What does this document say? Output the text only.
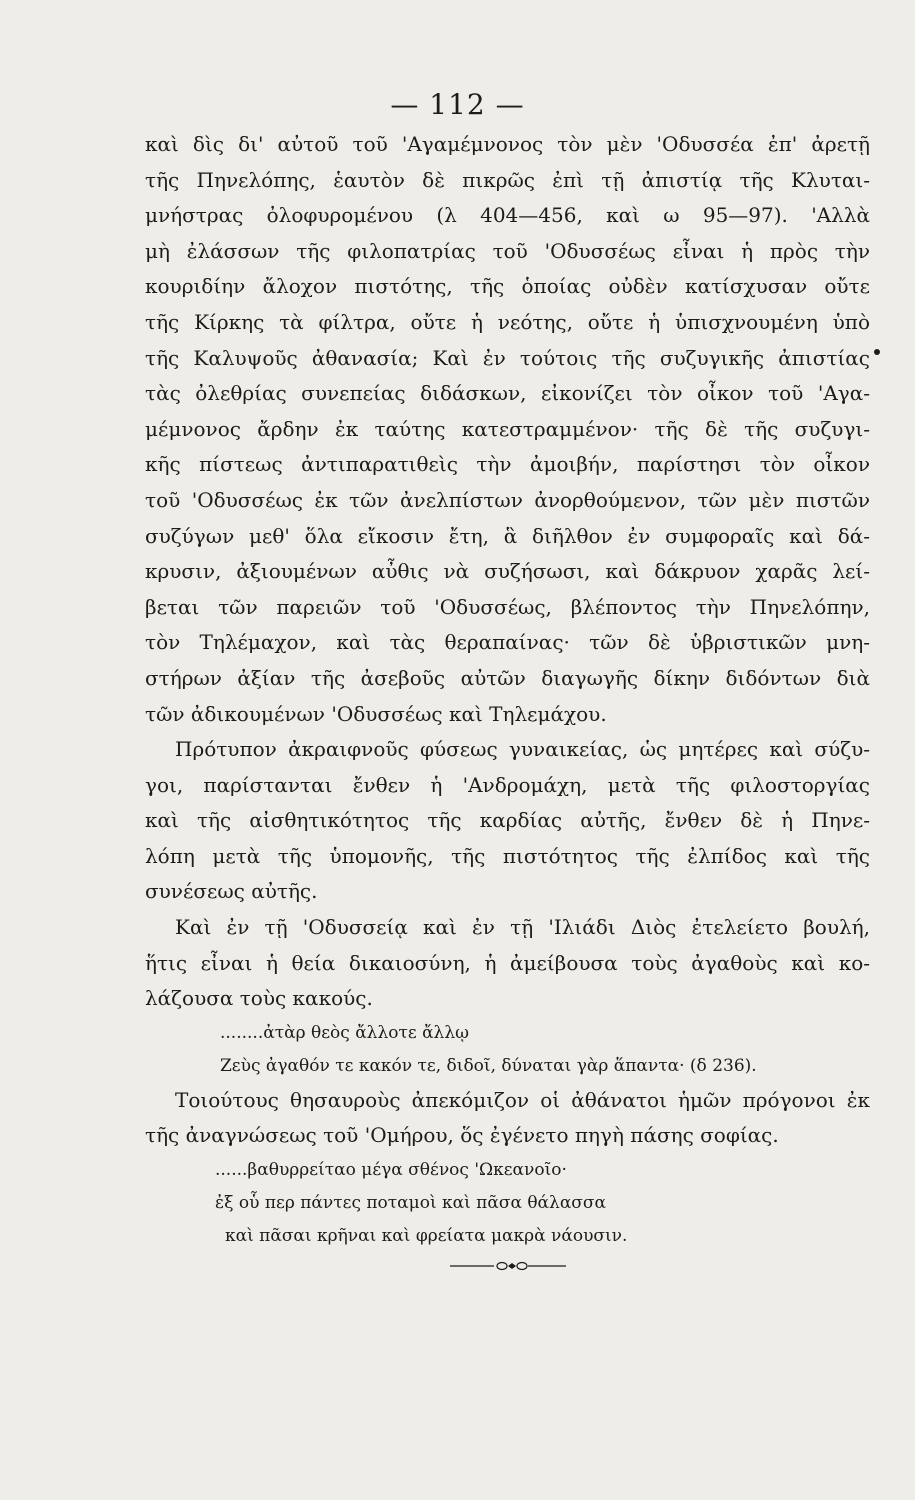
— 112 —
καὶ δὶς δι' αὐτοῦ τοῦ 'Αγαμέμνονος τὸν μὲν 'Οδυσσέα ἐπ' ἀρετῇ
τῆς Πηνελόπης, ἑαυτὸν δὲ πικρῶς ἐπὶ τῇ ἀπιστίᾳ τῆς Κλυται-
μνήστρας ὀλοφυρομένου (λ 404—456, καὶ ω 95—97). 'Αλλὰ
μὴ ἐλάσσων τῆς φιλοπατρίας τοῦ 'Οδυσσέως εἶναι ἡ πρὸς τὴν
κουριδίην ἄλοχον πιστότης, τῆς ὁποίας οὐδὲν κατίσχυσαν οὔτε
τῆς Κίρκης τὰ φίλτρα, οὔτε ἡ νεότης, οὔτε ἡ ὑπισχνουμένη ὑπὸ
τῆς Καλυψοῦς ἀθανασία; Καὶ ἐν τούτοις τῆς συζυγικῆς ἀπιστίας
τὰς ὀλεθρίας συνεπείας διδάσκων, εἰκονίζει τὸν οἶκον τοῦ 'Αγα-
μέμνονος ἄρδην ἐκ ταύτης κατεστραμμένον· τῆς δὲ τῆς συζυγι-
κῆς πίστεως ἀντιπαρατιθεὶς τὴν ἀμοιβήν, παρίστησι τὸν οἶκον
τοῦ 'Οδυσσέως ἐκ τῶν ἀνελπίστων ἀνορθούμενον, τῶν μὲν πιστῶν
συζύγων μεθ' ὅλα εἴκοσιν ἔτη, ἃ διῆλθον ἐν συμφοραῖς καὶ δά-
κρυσιν, ἀξιουμένων αὖθις νὰ συζήσωσι, καὶ δάκρυον χαρᾶς λεί-
βεται τῶν παρειῶν τοῦ 'Οδυσσέως, βλέποντος τὴν Πηνελόπην,
τὸν Τηλέμαχον, καὶ τὰς θεραπαίνας· τῶν δὲ ὑβριστικῶν μνη-
στήρων ἀξίαν τῆς ἀσεβοῦς αὐτῶν διαγωγῆς δίκην διδόντων διὰ
τῶν ἀδικουμένων 'Οδυσσέως καὶ Τηλεμάχου.
Πρότυπον ἀκραιφνοῦς φύσεως γυναικείας, ὡς μητέρες καὶ σύζυ-
γοι, παρίστανται ἔνθεν ἡ 'Ανδρομάχη, μετὰ τῆς φιλοστοργίας
καὶ τῆς αἰσθητικότητος τῆς καρδίας αὐτῆς, ἔνθεν δὲ ἡ Πηνε-
λόπη μετὰ τῆς ὑπομονῆς, τῆς πιστότητος τῆς ἐλπίδος καὶ τῆς
συνέσεως αὐτῆς.
Καὶ ἐν τῇ 'Οδυσσείᾳ καὶ ἐν τῇ 'Ιλιάδι Διὸς ἐτελείετο βουλή,
ἥτις εἶναι ἡ θεία δικαιοσύνη, ἡ ἀμείβουσα τοὺς ἀγαθοὺς καὶ κο-
λάζουσα τοὺς κακούς.
........ἀτὰρ θεὸς ἄλλοτε ἄλλῳ
Ζεὺς ἀγαθόν τε κακόν τε, διδοῖ, δύναται γὰρ ἅπαντα· (δ 236).
Τοιούτους θησαυροὺς ἀπεκόμιζον οἱ ἀθάνατοι ἡμῶν πρόγονοι ἐκ
τῆς ἀναγνώσεως τοῦ 'Ομήρου, ὅς ἐγένετο πηγὴ πάσης σοφίας.
......βαθυρρείταο μέγα σθένος 'Ωκεανοῖο·
ἐξ οὗ περ πάντες ποταμοὶ καὶ πᾶσα θάλασσα
καὶ πᾶσαι κρῆναι καὶ φρείατα μακρὰ νάουσιν.
